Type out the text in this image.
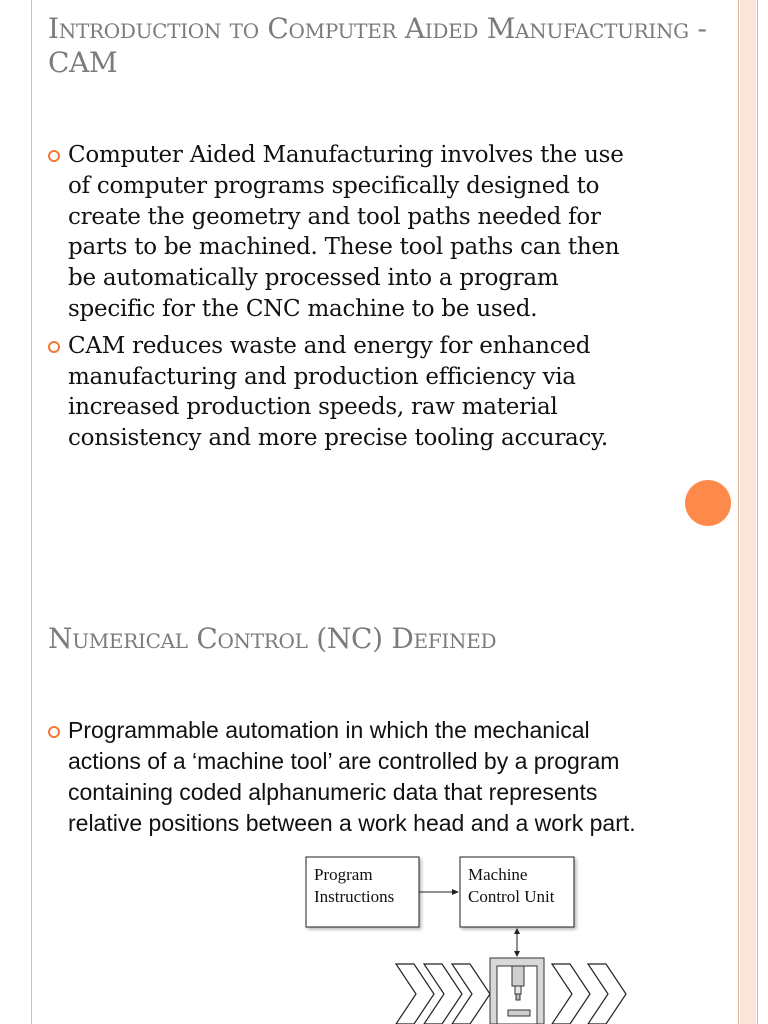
Introduction to Computer Aided Manufacturing - CAM
Computer Aided Manufacturing involves the use of computer programs specifically designed to create the geometry and tool paths needed for parts to be machined. These tool paths can then be automatically processed into a program specific for the CNC machine to be used.
CAM reduces waste and energy for enhanced manufacturing and production efficiency via increased production speeds, raw material consistency and more precise tooling accuracy.
Numerical Control (NC) Defined
Programmable automation in which the mechanical actions of a ‘machine tool’ are controlled by a program containing coded alphanumeric data that represents relative positions between a work head and a work part.
Program
Instructions
Machine
Control Unit
